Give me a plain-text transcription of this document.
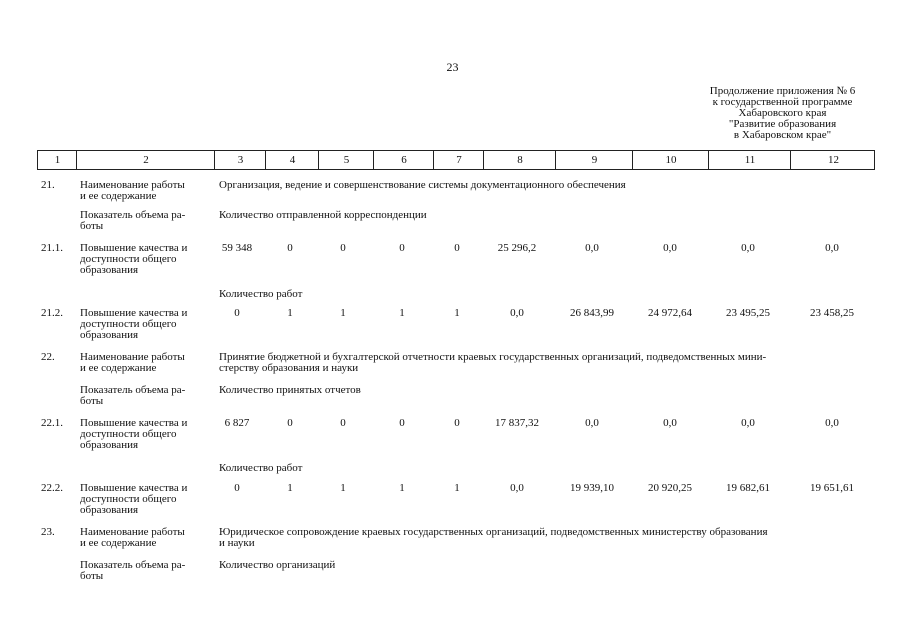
23
Продолжение приложения № 6
к государственной программе
Хабаровского края
"Развитие образования
в Хабаровском крае"
1	2	3	4	5	6	7	8	9	10	11	12
21. Наименование работы
и ее содержание
Организация, ведение и совершенствование системы документационного обеспечения
Показатель объема ра-
боты
Количество отправленной корреспонденции
21.1. Повышение качества и
доступности общего
образования
59 348	0	0	0	0	25 296,2	0,0	0,0	0,0	0,0
Количество работ
21.2. Повышение качества и
доступности общего
образования
0	1	1	1	1	0,0	26 843,99	24 972,64	23 495,25	23 458,25
22. Наименование работы
и ее содержание
Принятие бюджетной и бухгалтерской отчетности краевых государственных организаций, подведомственных мини-
стерству образования и науки
Показатель объема ра-
боты
Количество принятых отчетов
22.1. Повышение качества и
доступности общего
образования
6 827	0	0	0	0	17 837,32	0,0	0,0	0,0	0,0
Количество работ
22.2. Повышение качества и
доступности общего
образования
0	1	1	1	1	0,0	19 939,10	20 920,25	19 682,61	19 651,61
23. Наименование работы
и ее содержание
Юридическое сопровождение краевых государственных организаций, подведомственных министерству образования
и науки
Показатель объема ра-
боты
Количество организаций
